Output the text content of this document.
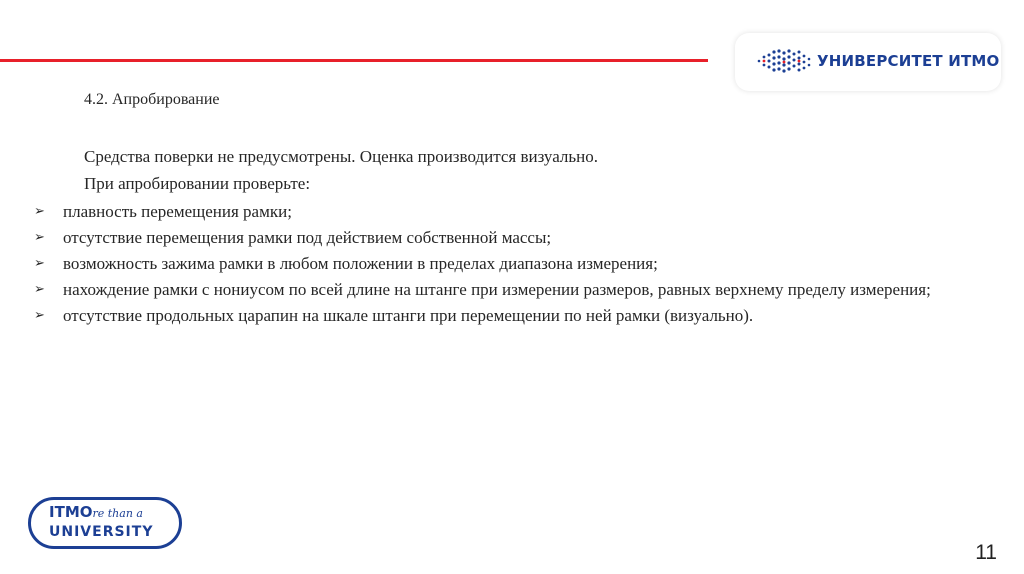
УНИВЕРСИТЕТ ИТМО
4.2. Апробирование
Средства поверки не предусмотрены. Оценка производится визуально.
При апробировании проверьте:
➢ плавность перемещения рамки;
➢ отсутствие перемещения рамки под действием собственной массы;
➢ возможность зажима рамки в любом положении в пределах диапазона измерения;
➢ нахождение рамки с нониусом по всей длине на штанге при измерении размеров, равных верхнему пределу измерения;
➢ отсутствие продольных царапин на шкале штанги при перемещении по ней рамки (визуально).
ITMOre than a
UNIVERSITY
11
